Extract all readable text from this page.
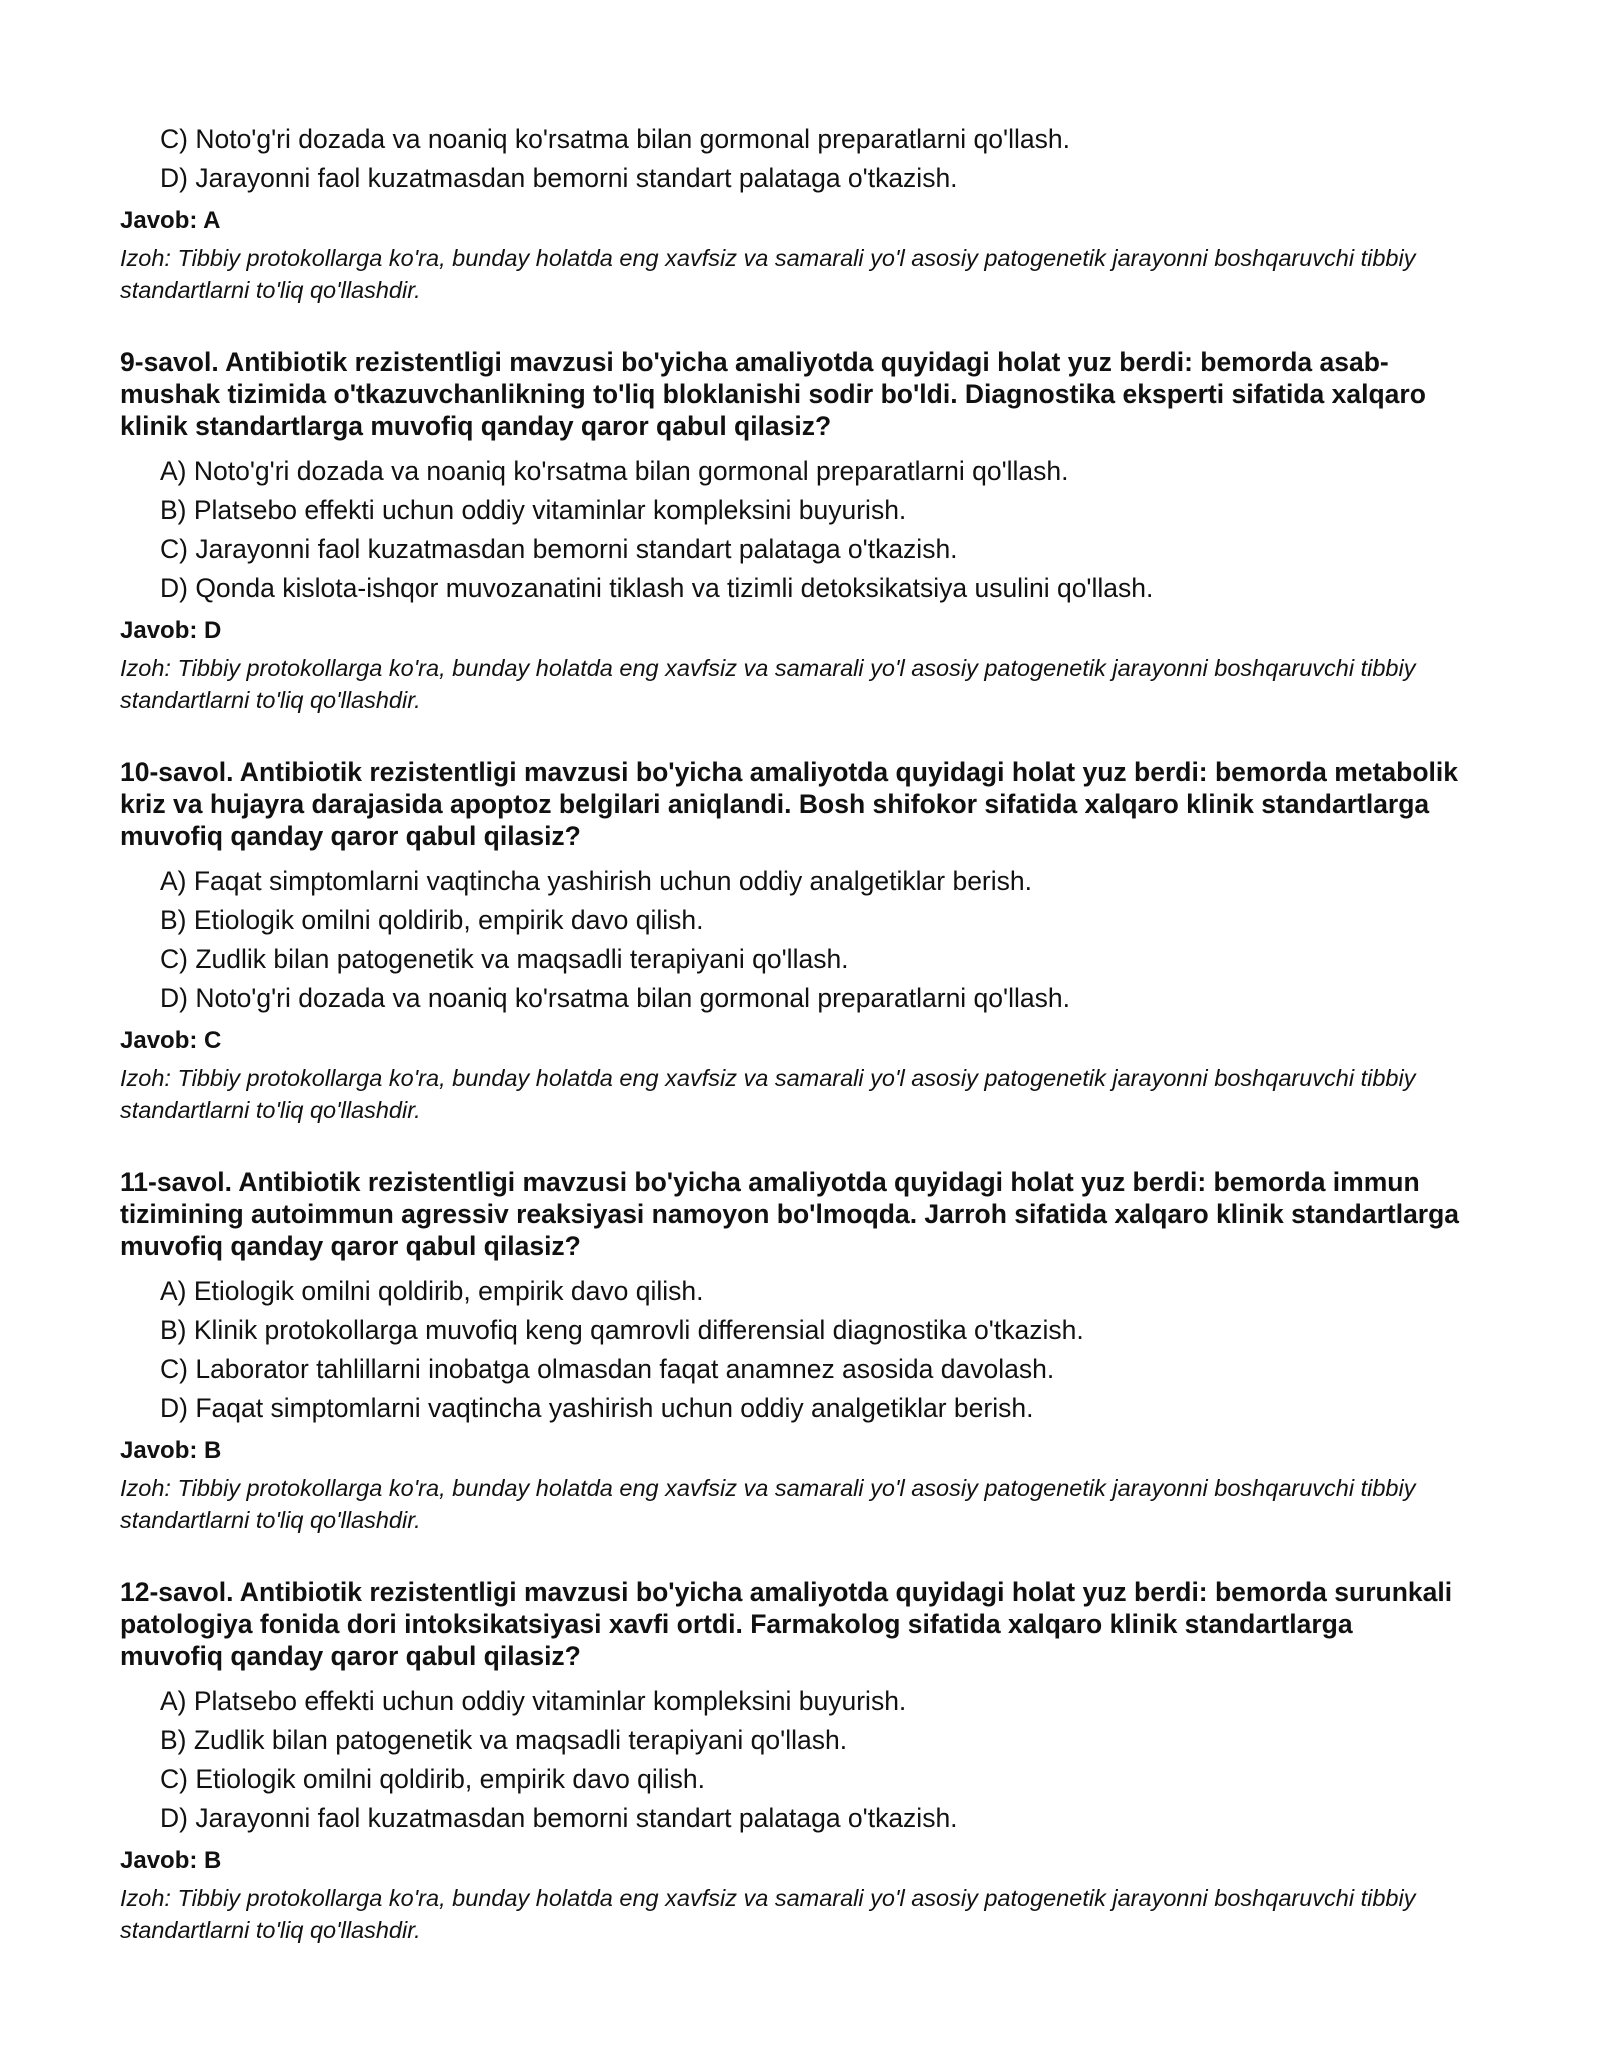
C) Noto'g'ri dozada va noaniq ko'rsatma bilan gormonal preparatlarni qo'llash.
D) Jarayonni faol kuzatmasdan bemorni standart palataga o'tkazish.
Javob: A
Izoh: Tibbiy protokollarga ko'ra, bunday holatda eng xavfsiz va samarali yo'l asosiy patogenetik jarayonni boshqaruvchi tibbiy standartlarni to'liq qo'llashdir.
9-savol. Antibiotik rezistentligi mavzusi bo'yicha amaliyotda quyidagi holat yuz berdi: bemorda asab-mushak tizimida o'tkazuvchanlikning to'liq bloklanishi sodir bo'ldi. Diagnostika eksperti sifatida xalqaro klinik standartlarga muvofiq qanday qaror qabul qilasiz?
A) Noto'g'ri dozada va noaniq ko'rsatma bilan gormonal preparatlarni qo'llash.
B) Platsebo effekti uchun oddiy vitaminlar kompleksini buyurish.
C) Jarayonni faol kuzatmasdan bemorni standart palataga o'tkazish.
D) Qonda kislota-ishqor muvozanatini tiklash va tizimli detoksikatsiya usulini qo'llash.
Javob: D
Izoh: Tibbiy protokollarga ko'ra, bunday holatda eng xavfsiz va samarali yo'l asosiy patogenetik jarayonni boshqaruvchi tibbiy standartlarni to'liq qo'llashdir.
10-savol. Antibiotik rezistentligi mavzusi bo'yicha amaliyotda quyidagi holat yuz berdi: bemorda metabolik kriz va hujayra darajasida apoptoz belgilari aniqlandi. Bosh shifokor sifatida xalqaro klinik standartlarga muvofiq qanday qaror qabul qilasiz?
A) Faqat simptomlarni vaqtincha yashirish uchun oddiy analgetiklar berish.
B) Etiologik omilni qoldirib, empirik davo qilish.
C) Zudlik bilan patogenetik va maqsadli terapiyani qo'llash.
D) Noto'g'ri dozada va noaniq ko'rsatma bilan gormonal preparatlarni qo'llash.
Javob: C
Izoh: Tibbiy protokollarga ko'ra, bunday holatda eng xavfsiz va samarali yo'l asosiy patogenetik jarayonni boshqaruvchi tibbiy standartlarni to'liq qo'llashdir.
11-savol. Antibiotik rezistentligi mavzusi bo'yicha amaliyotda quyidagi holat yuz berdi: bemorda immun tizimining autoimmun agressiv reaksiyasi namoyon bo'lmoqda. Jarroh sifatida xalqaro klinik standartlarga muvofiq qanday qaror qabul qilasiz?
A) Etiologik omilni qoldirib, empirik davo qilish.
B) Klinik protokollarga muvofiq keng qamrovli differensial diagnostika o'tkazish.
C) Laborator tahlillarni inobatga olmasdan faqat anamnez asosida davolash.
D) Faqat simptomlarni vaqtincha yashirish uchun oddiy analgetiklar berish.
Javob: B
Izoh: Tibbiy protokollarga ko'ra, bunday holatda eng xavfsiz va samarali yo'l asosiy patogenetik jarayonni boshqaruvchi tibbiy standartlarni to'liq qo'llashdir.
12-savol. Antibiotik rezistentligi mavzusi bo'yicha amaliyotda quyidagi holat yuz berdi: bemorda surunkali patologiya fonida dori intoksikatsiyasi xavfi ortdi. Farmakolog sifatida xalqaro klinik standartlarga muvofiq qanday qaror qabul qilasiz?
A) Platsebo effekti uchun oddiy vitaminlar kompleksini buyurish.
B) Zudlik bilan patogenetik va maqsadli terapiyani qo'llash.
C) Etiologik omilni qoldirib, empirik davo qilish.
D) Jarayonni faol kuzatmasdan bemorni standart palataga o'tkazish.
Javob: B
Izoh: Tibbiy protokollarga ko'ra, bunday holatda eng xavfsiz va samarali yo'l asosiy patogenetik jarayonni boshqaruvchi tibbiy standartlarni to'liq qo'llashdir.
